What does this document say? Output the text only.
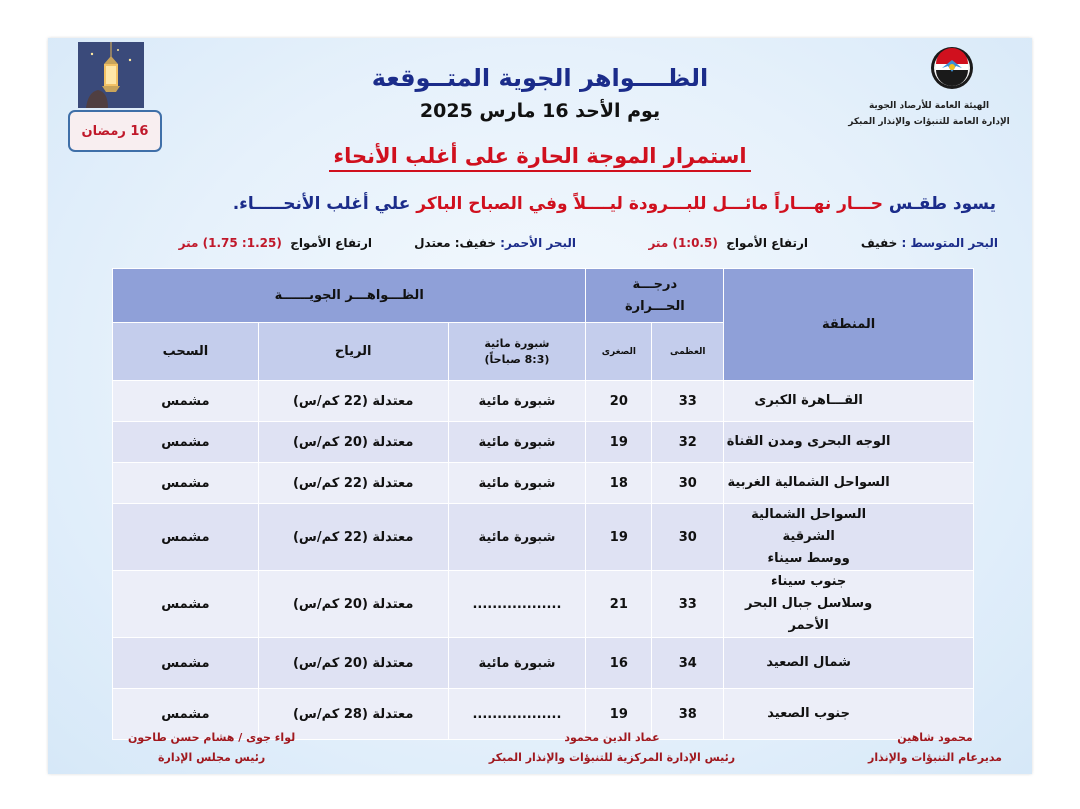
الهيئة العامة للأرصاد الجوية
الإدارة العامة للتنبؤات والإنذار المبكر
16 رمضان
الظــــواهر الجوية المتــوقعة
يوم الأحد 16 مارس 2025
استمرار الموجة الحارة على أغلب الأنحاء
يسود طقـس حـــار نهـــاراً مائـــل للبـــرودة ليــــلاً وفي الصباح الباكر علي أغلب الأنحـــــاء.
البحر المتوسط : خفيف
ارتفاع الأمواج  (1:0.5) متر
البحر الأحمر: خفيف: معتدل
ارتفاع الأمواج  (1.25: 1.75) متر
المنطقة	درجـــة
الحـــرارة		الظـــواهـــر الجويــــــة		
	العظمى	الصغرى	شبورة مائية
(8:3 صباحاً)	الرياح	السحب

القـــاهرة الكبرى	33	20	شبورة مائية	معتدلة (22 كم/س)	مشمس

الوجه البحرى ومدن القناة	32	19	شبورة مائية	معتدلة (20 كم/س)	مشمس

السواحل الشمالية الغربية	30	18	شبورة مائية	معتدلة (22 كم/س)	مشمس

السواحل الشمالية الشرقية
ووسط سيناء	30	19	شبورة مائية	معتدلة (22 كم/س)	مشمس

جنوب سيناء
وسلاسل جبال البحر الأحمر	33	21	..................	معتدلة (20 كم/س)	مشمس

شمال الصعيد	34	16	شبورة مائية	معتدلة (20 كم/س)	مشمس

جنوب الصعيد	38	19	..................	معتدلة (28 كم/س)	مشمس
محمود شاهين
مديرعام التنبؤات والإنذار
عماد الدين محمود
رئيس الإدارة المركزية للتنبؤات والإنذار المبكر
لواء جوى / هشام حسن طاحون
رئيس مجلس الإدارة
